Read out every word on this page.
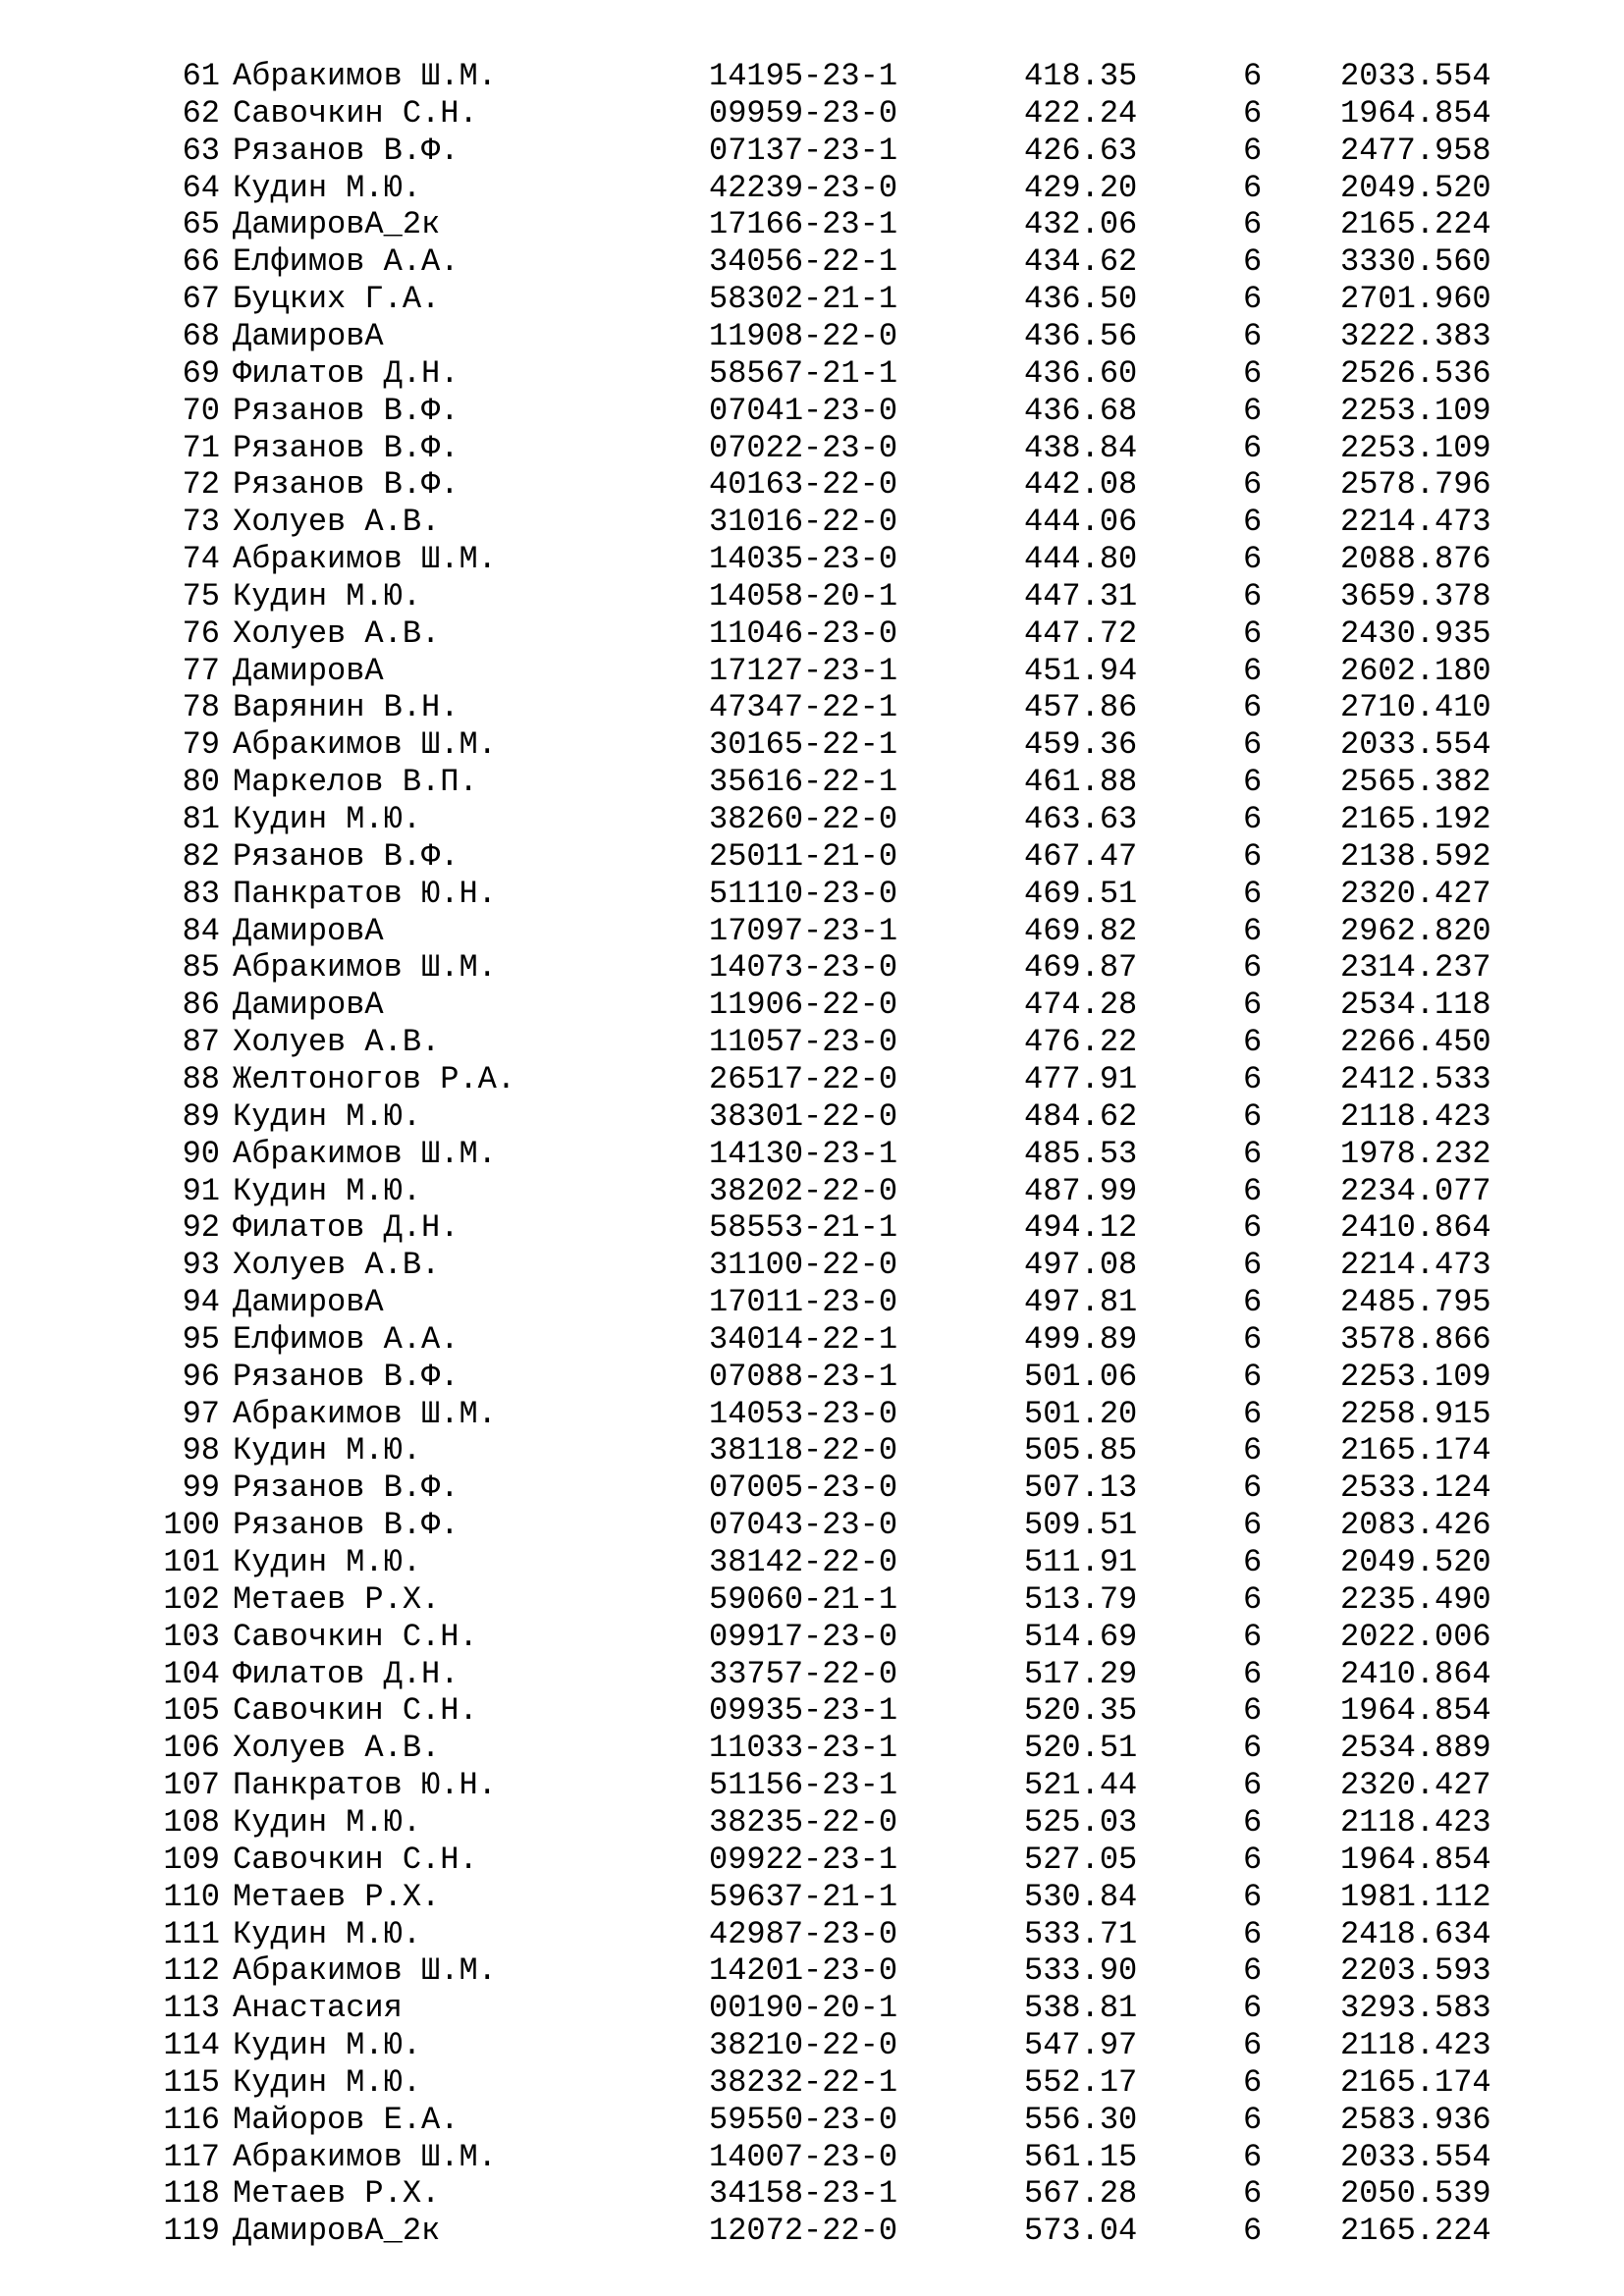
61 Абракимов Ш.М.	14195-23-1	418.35	6 2033.554
62 Савочкин С.Н.	09959-23-0	422.24	6 1964.854
63 Рязанов В.Ф.	07137-23-1	426.63	6 2477.958
64 Кудин М.Ю.	42239-23-0	429.20	6 2049.520
65 ДамировА_2к	17166-23-1	432.06	6 2165.224
66 Елфимов А.А.	34056-22-1	434.62	6 3330.560
67 Буцких Г.А.	58302-21-1	436.50	6 2701.960
68 ДамировА	11908-22-0	436.56	6 3222.383
69 Филатов Д.Н.	58567-21-1	436.60	6 2526.536
70 Рязанов В.Ф.	07041-23-0	436.68	6 2253.109
71 Рязанов В.Ф.	07022-23-0	438.84	6 2253.109
72 Рязанов В.Ф.	40163-22-0	442.08	6 2578.796
73 Холуев А.В.	31016-22-0	444.06	6 2214.473
74 Абракимов Ш.М.	14035-23-0	444.80	6 2088.876
75 Кудин М.Ю.	14058-20-1	447.31	6 3659.378
76 Холуев А.В.	11046-23-0	447.72	6 2430.935
77 ДамировА	17127-23-1	451.94	6 2602.180
78 Варянин В.Н.	47347-22-1	457.86	6 2710.410
79 Абракимов Ш.М.	30165-22-1	459.36	6 2033.554
80 Маркелов В.П.	35616-22-1	461.88	6 2565.382
81 Кудин М.Ю.	38260-22-0	463.63	6 2165.192
82 Рязанов В.Ф.	25011-21-0	467.47	6 2138.592
83 Панкратов Ю.Н.	51110-23-0	469.51	6 2320.427
84 ДамировА	17097-23-1	469.82	6 2962.820
85 Абракимов Ш.М.	14073-23-0	469.87	6 2314.237
86 ДамировА	11906-22-0	474.28	6 2534.118
87 Холуев А.В.	11057-23-0	476.22	6 2266.450
88 Желтоногов Р.А.	26517-22-0	477.91	6 2412.533
89 Кудин М.Ю.	38301-22-0	484.62	6 2118.423
90 Абракимов Ш.М.	14130-23-1	485.53	6 1978.232
91 Кудин М.Ю.	38202-22-0	487.99	6 2234.077
92 Филатов Д.Н.	58553-21-1	494.12	6 2410.864
93 Холуев А.В.	31100-22-0	497.08	6 2214.473
94 ДамировА	17011-23-0	497.81	6 2485.795
95 Елфимов А.А.	34014-22-1	499.89	6 3578.866
96 Рязанов В.Ф.	07088-23-1	501.06	6 2253.109
97 Абракимов Ш.М.	14053-23-0	501.20	6 2258.915
98 Кудин М.Ю.	38118-22-0	505.85	6 2165.174
99 Рязанов В.Ф.	07005-23-0	507.13	6 2533.124
100 Рязанов В.Ф.	07043-23-0	509.51	6 2083.426
101 Кудин М.Ю.	38142-22-0	511.91	6 2049.520
102 Метаев Р.Х.	59060-21-1	513.79	6 2235.490
103 Савочкин С.Н.	09917-23-0	514.69	6 2022.006
104 Филатов Д.Н.	33757-22-0	517.29	6 2410.864
105 Савочкин С.Н.	09935-23-1	520.35	6 1964.854
106 Холуев А.В.	11033-23-1	520.51	6 2534.889
107 Панкратов Ю.Н.	51156-23-1	521.44	6 2320.427
108 Кудин М.Ю.	38235-22-0	525.03	6 2118.423
109 Савочкин С.Н.	09922-23-1	527.05	6 1964.854
110 Метаев Р.Х.	59637-21-1	530.84	6 1981.112
111 Кудин М.Ю.	42987-23-0	533.71	6 2418.634
112 Абракимов Ш.М.	14201-23-0	533.90	6 2203.593
113 Анастасия	00190-20-1	538.81	6 3293.583
114 Кудин М.Ю.	38210-22-0	547.97	6 2118.423
115 Кудин М.Ю.	38232-22-1	552.17	6 2165.174
116 Майоров Е.А.	59550-23-0	556.30	6 2583.936
117 Абракимов Ш.М.	14007-23-0	561.15	6 2033.554
118 Метаев Р.Х.	34158-23-1	567.28	6 2050.539
119 ДамировА_2к	12072-22-0	573.04	6 2165.224
